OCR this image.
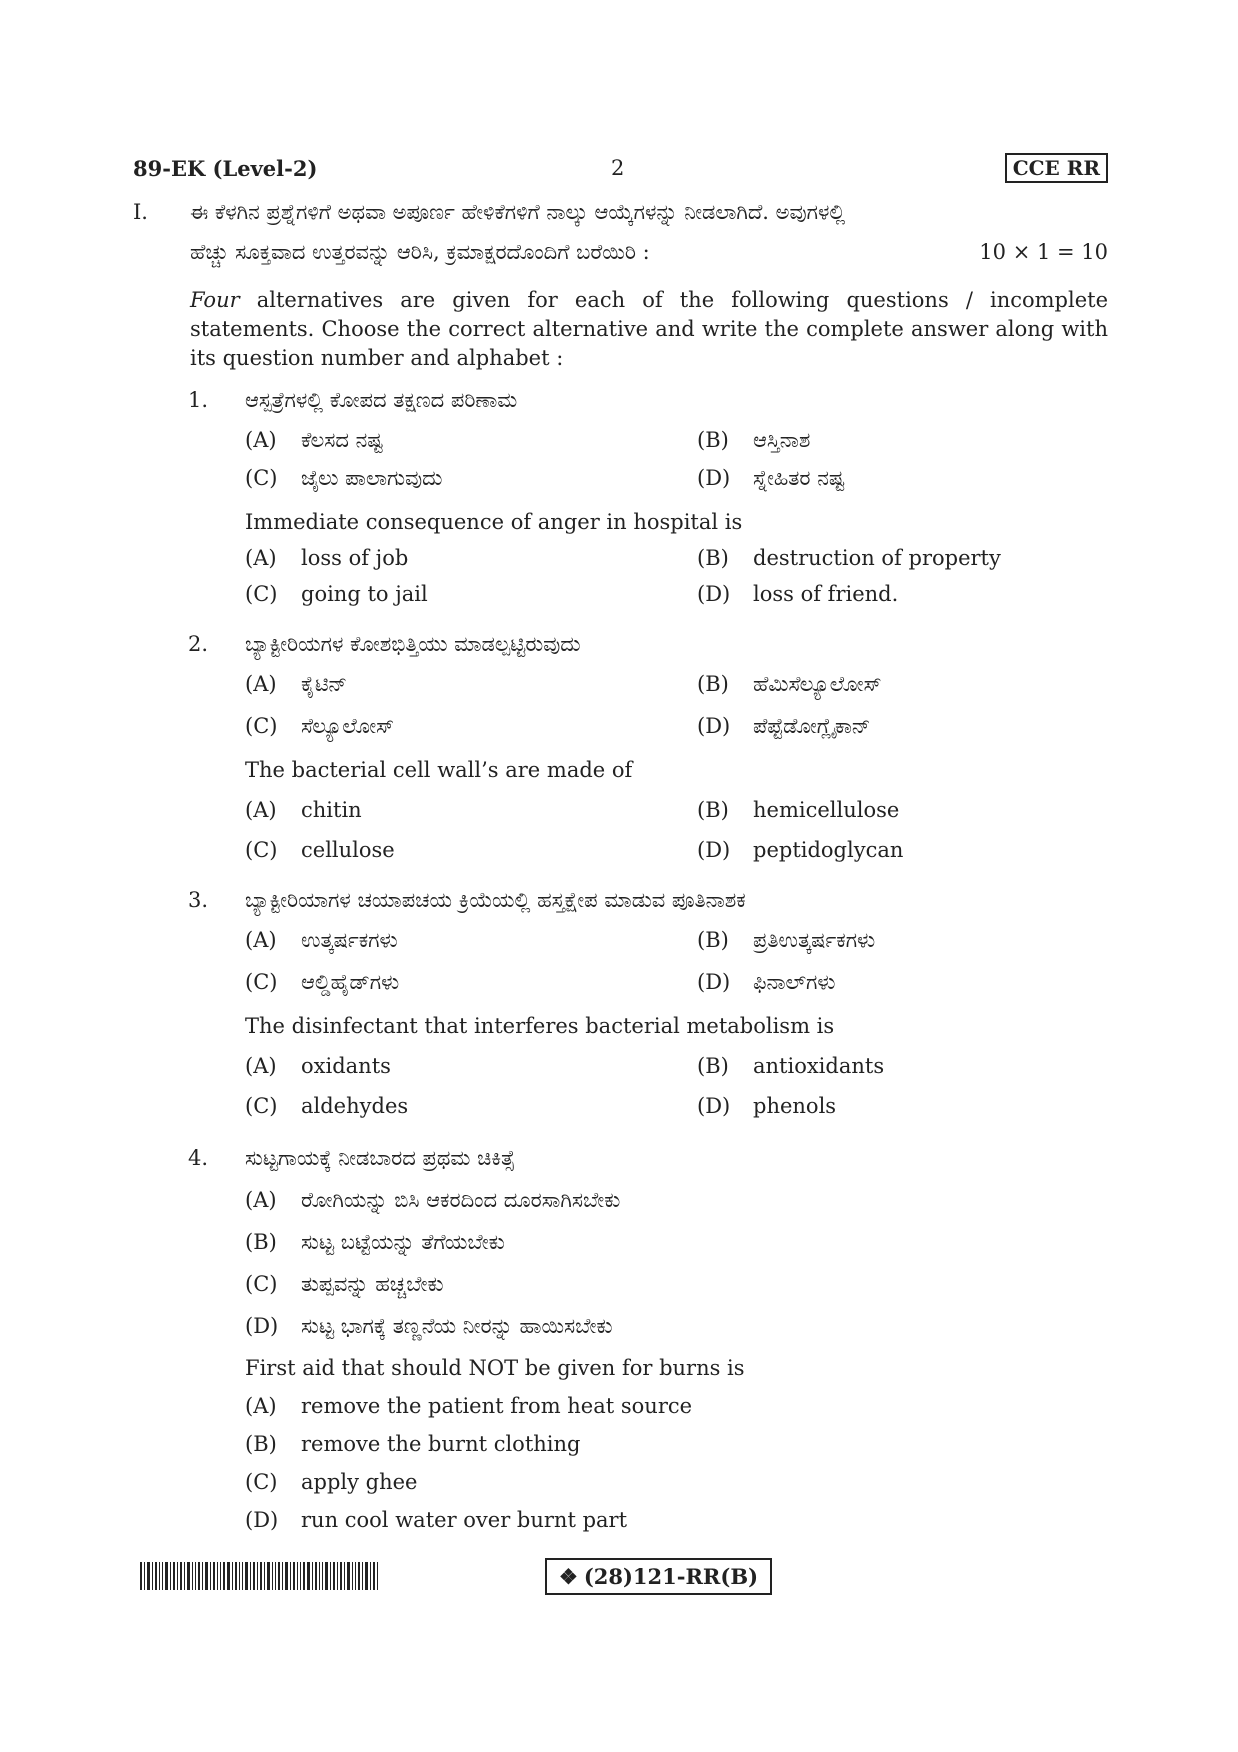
89-EK (Level-2)	2	CCE RR
I. ಈ ಕೆಳಗಿನ ಪ್ರಶ್ನೆಗಳಿಗೆ ಅಥವಾ ಅಪೂರ್ಣ ಹೇಳಿಕೆಗಳಿಗೆ ನಾಲ್ಕು ಆಯ್ಕೆಗಳನ್ನು ನೀಡಲಾಗಿದೆ. ಅವುಗಳಲ್ಲಿ
ಹೆಚ್ಚು ಸೂಕ್ತವಾದ ಉತ್ತರವನ್ನು ಆರಿಸಿ, ಕ್ರಮಾಕ್ಷರದೊಂದಿಗೆ ಬರೆಯಿರಿ :	10 × 1 = 10
Four alternatives are given for each of the following questions / incomplete statements. Choose the correct alternative and write the complete answer along with its question number and alphabet :
1. ಆಸ್ಪತ್ರೆಗಳಲ್ಲಿ ಕೋಪದ ತಕ್ಷಣದ ಪರಿಣಾಮ
(A) ಕೆಲಸದ ನಷ್ಟ	(B) ಆಸ್ತಿನಾಶ
(C) ಜೈಲು ಪಾಲಾಗುವುದು	(D) ಸ್ನೇಹಿತರ ನಷ್ಟ
Immediate consequence of anger in hospital is
(A) loss of job	(B) destruction of property
(C) going to jail	(D) loss of friend.
2. ಬ್ಯಾಕ್ಟೀರಿಯಗಳ ಕೋಶಭಿತ್ತಿಯು ಮಾಡಲ್ಪಟ್ಟಿರುವುದು
(A) ಕೈಟಿನ್	(B) ಹೆಮಿಸೆಲ್ಯೂಲೋಸ್
(C) ಸೆಲ್ಯೂಲೋಸ್	(D) ಪೆಪ್ಟೆಡೋಗ್ಲೈಕಾನ್
The bacterial cell wall’s are made of
(A) chitin	(B) hemicellulose
(C) cellulose	(D) peptidoglycan
3. ಬ್ಯಾಕ್ಟೀರಿಯಾಗಳ ಚಯಾಪಚಯ ಕ್ರಿಯೆಯಲ್ಲಿ ಹಸ್ತಕ್ಷೇಪ ಮಾಡುವ ಪೂತಿನಾಶಕ
(A) ಉತ್ಕರ್ಷಕಗಳು	(B) ಪ್ರತಿಉತ್ಕರ್ಷಕಗಳು
(C) ಆಲ್ಡಿಹೈಡ್‌ಗಳು	(D) ಫಿನಾಲ್‌ಗಳು
The disinfectant that interferes bacterial metabolism is
(A) oxidants	(B) antioxidants
(C) aldehydes	(D) phenols
4. ಸುಟ್ಟಗಾಯಕ್ಕೆ ನೀಡಬಾರದ ಪ್ರಥಮ ಚಿಕಿತ್ಸೆ
(A) ರೋಗಿಯನ್ನು ಬಿಸಿ ಆಕರದಿಂದ ದೂರಸಾಗಿಸಬೇಕು
(B) ಸುಟ್ಟ ಬಟ್ಟೆಯನ್ನು ತೆಗೆಯಬೇಕು
(C) ತುಪ್ಪವನ್ನು ಹಚ್ಚಬೇಕು
(D) ಸುಟ್ಟ ಭಾಗಕ್ಕೆ ತಣ್ಣನೆಯ ನೀರನ್ನು ಹಾಯಿಸಬೇಕು
First aid that should NOT be given for burns is
(A) remove the patient from heat source
(B) remove the burnt clothing
(C) apply ghee
(D) run cool water over burnt part
❖ (28)121-RR(B)
